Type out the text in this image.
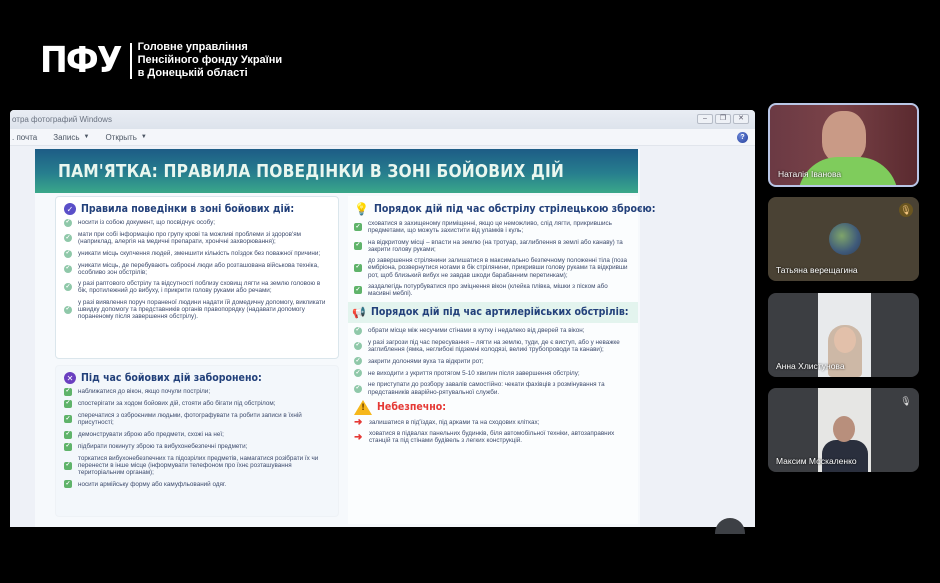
ПФУ Головне управління
Пенсійного фонду України
в Донецькій області
отра фотографий Windows	–	❐	✕
. почта Запись ▼ Открыть ▼	?
ПАМ'ЯТКА: ПРАВИЛА ПОВЕДІНКИ В ЗОНІ БОЙОВИХ ДІЙ
✓ Правила поведінки в зоні бойових дій:
✓ носити із собою документ, що посвідчує особу;
✓ мати при собі інформацію про групу крові та можливі проблеми зі здоров'ям (наприклад, алергія на медичні препарати, хронічні захворювання);
✓ уникати місць скупчення людей, зменшити кількість поїздок без поважної причини;
✓ уникати місць, де перебувають озброєні люди або розташована військова техніка, особливо зон обстрілів;
✓ у разі раптового обстрілу та відсутності поблизу сховищ лягти на землю головою в бік, протилежний до вибуху, і прикрити голову руками або речами;
✓
у разі виявлення поруч пораненої людини надати їй домедичну допомогу, викликати швидку допомогу та представників органів правопорядку (надавати допомогу пораненому після завершення обстрілу).
✕ Під час бойових дій заборонено:
✓ наближатися до вікон, якщо почули постріли;
✓ спостерігати за ходом бойових дій, стояти або бігати під обстрілом;
✓ сперечатися з озброєними людьми, фотографувати та робити записи в їхній присутності;
✓ демонструвати зброю або предмети, схожі на неї;
✓ підбирати покинуту зброю та вибухонебезпечні предмети;
✓
торкатися вибухонебезпечних та підозрілих предметів, намагатися розібрати їх чи перенести в інше місце (інформувати телефоном про їхнє розташування територіальним органам);
✓ носити армійську форму або камуфльований одяг.
💡 Порядок дій під час обстрілу стрілецькою зброєю:
✓ сховатися в захищеному приміщенні, якщо це неможливо, слід лягти, прикрившись предметами, що можуть захистити від уламків і куль;
✓ на відкритому місці – впасти на землю (на тротуар, заглиблення в землі або канаву) та закрити голову руками;
✓
до завершення стрілянини залишатися в максимально безпечному положенні тіла (поза ембріона, розвернутися ногами в бік стрілянини, прикривши голову руками та відкривши рот, щоб близький вибух не завдав шкоди барабанним перетинкам);
✓ заздалегідь потурбуватися про зміцнення вікон (клейка плівка, мішки з піском або масивні меблі).
📢 Порядок дій під час артилерійських обстрілів:
✓ обрати місце між несучими стінами в кутку і недалеко від дверей та вікон;
✓ у разі загрози під час пересування – лягти на землю, туди, де є виступ, або у неважке заглиблення (ямка, неглибокі підземні колодязі, великі трубопроводи та канави);
✓ закрити долонями вуха та відкрити рот;
✓ не виходити з укриття протягом 5-10 хвилин після завершення обстрілу;
✓ не приступати до розбору завалів самостійно: чекати фахівців з розмінування та представників аварійно-рятувальної служби.
!
Небезпечно:
➜ залишатися в під'їздах, під арками та на сходових клітках;
➜ ховатися в підвалах панельних будинків, біля автомобільної техніки, автозаправних станцій та під стінами будівель з легких конструкцій.
Наталія Іванова
🎙
Татьяна верещагина
Анна Хлистунова
🎙
Максим Москаленко
